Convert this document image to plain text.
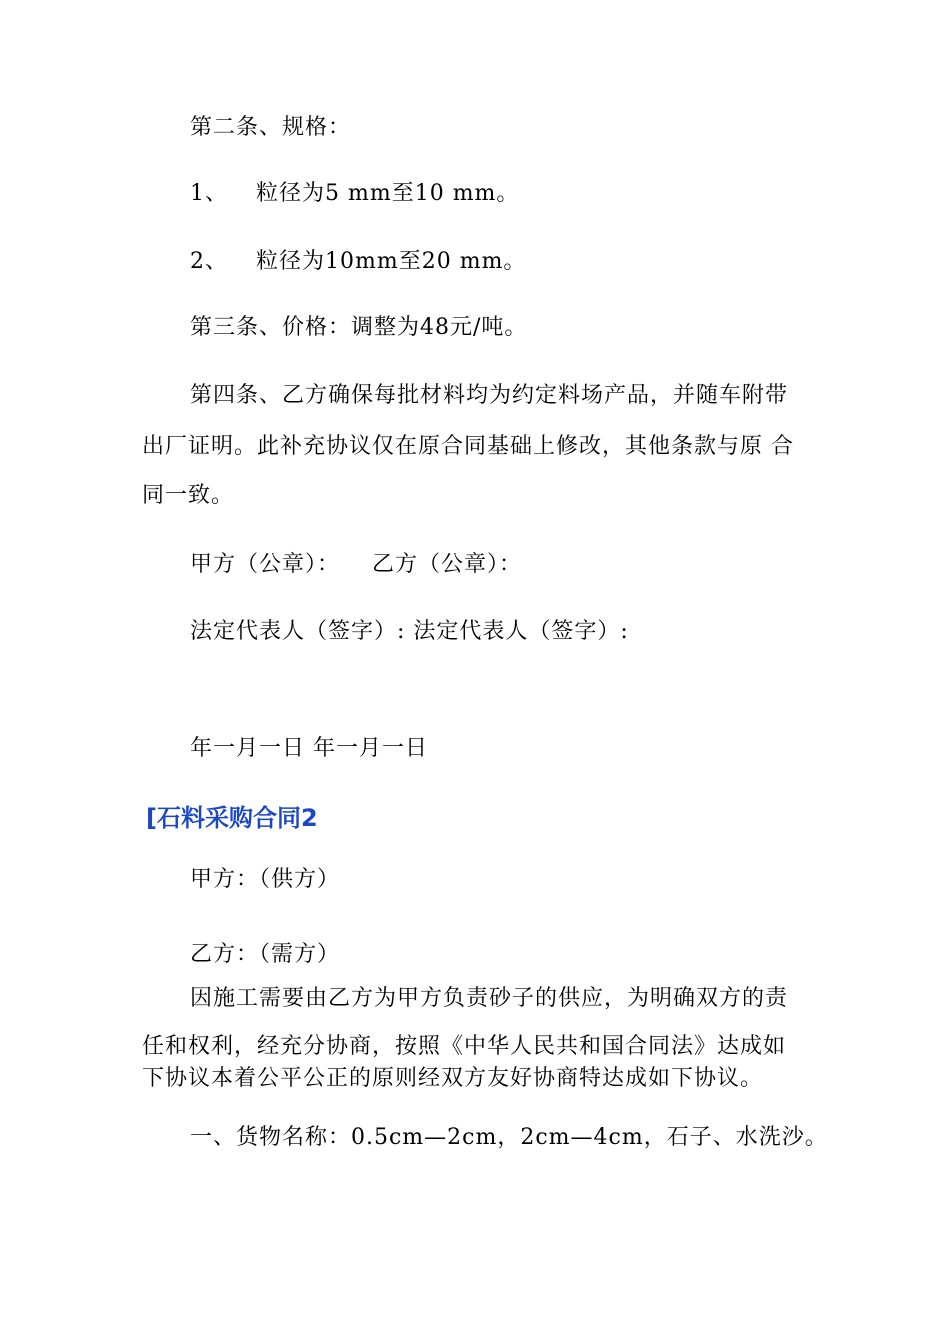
第二条、规格：
1、 粒径为5 mm至10 mm。
2、 粒径为10mm至20 mm。
第三条、价格：调整为48元/吨。
第四条、乙方确保每批材料均为约定料场产品，并随车附带
出厂证明。此补充协议仅在原合同基础上修改，其他条款与原 合
同一致。
甲方（公章）：    乙方（公章）：
法定代表人（签字）: 法定代表人（签字）:
年一月一日 年一月一日
[石料采购合同2
甲方：（供方）
乙方：（需方）
因施工需要由乙方为甲方负责砂子的供应，为明确双方的责
任和权利，经充分协商，按照《中华人民共和国合同法》达成如
下协议本着公平公正的原则经双方友好协商特达成如下协议。
一、货物名称：0.5cm—2cm，2cm—4cm，石子、水洗沙。
